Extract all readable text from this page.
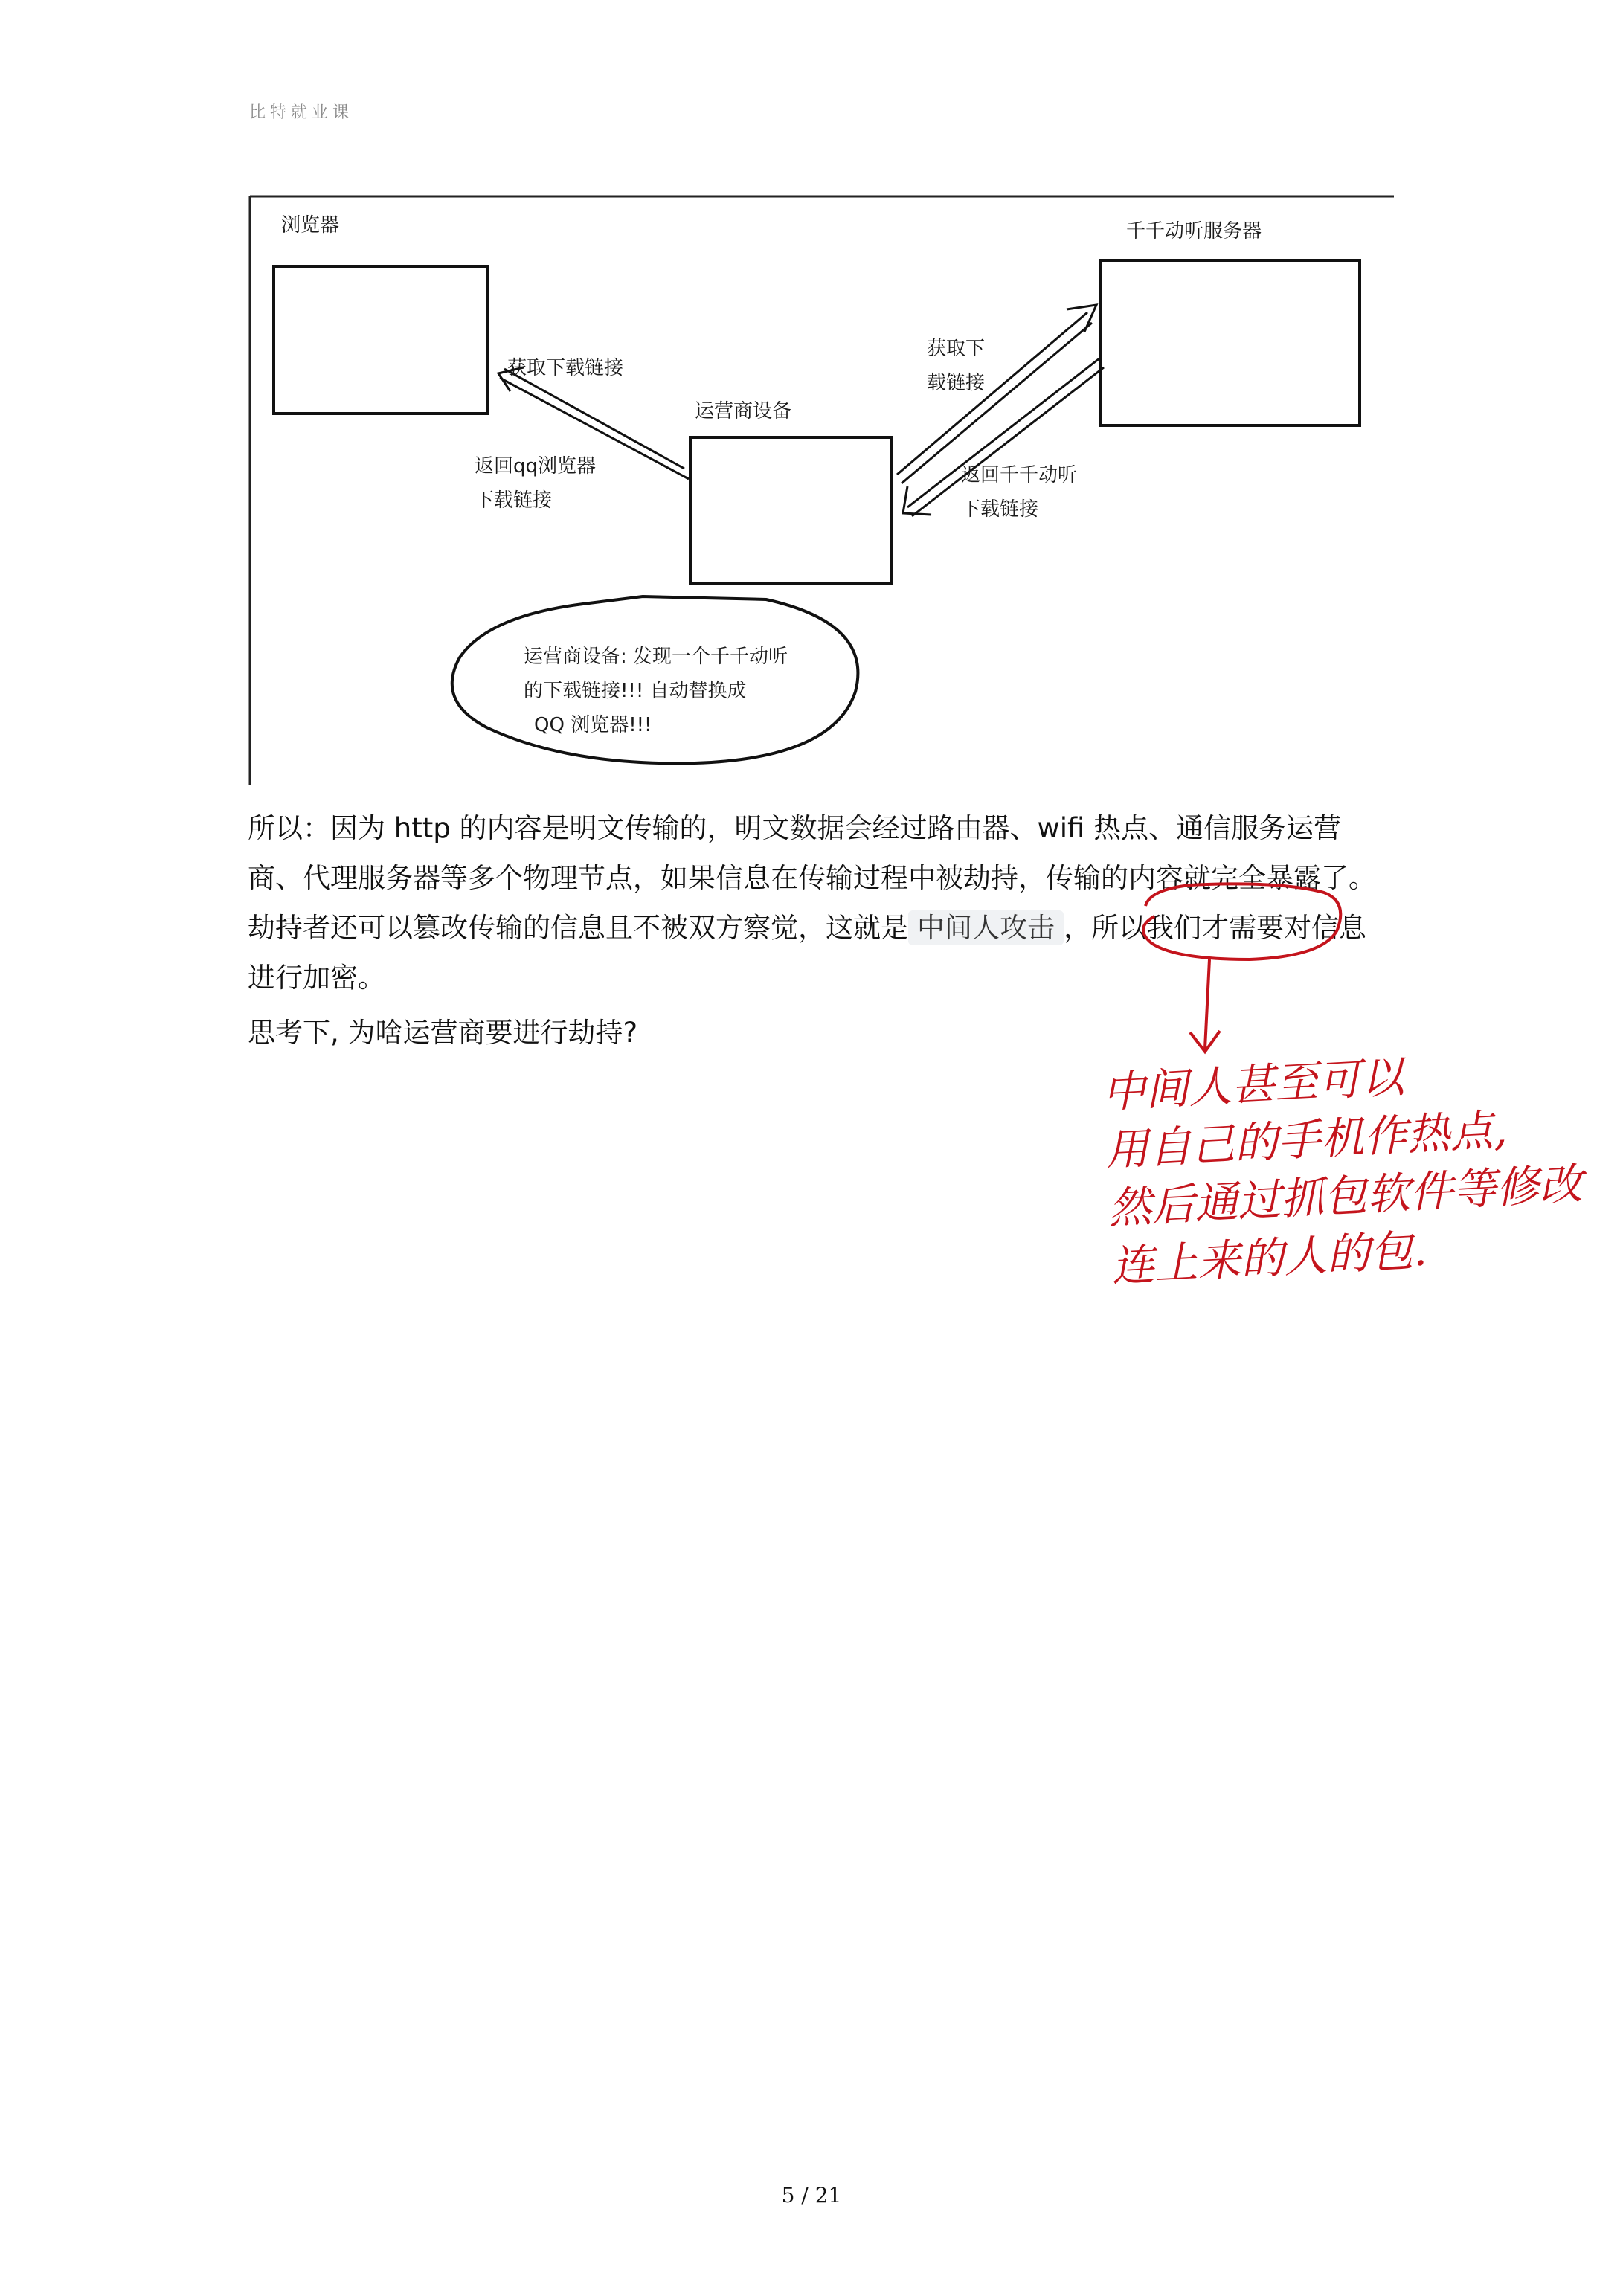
比特就业课
浏览器	千千动听服务器
运营商设备
获取下载链接
返回qq浏览器
下载链接
获取下
载链接
返回千千动听
下载链接
运营商设备: 发现一个千千动听
的下载链接!!! 自动替换成
QQ 浏览器!!!
所以：因为 http 的内容是明文传输的，明文数据会经过路由器、wifi 热点、通信服务运营商、代理服务器等多个物理节点，如果信息在传输过程中被劫持，传输的内容就完全暴露了。劫持者还可以篡改传输的信息且不被双方察觉，这就是 中间人攻击 ，所以我们才需要对信息进行加密。
思考下, 为啥运营商要进行劫持?
中间人甚至可以
用自己的手机作热点,
然后通过抓包软件等修改
连上来的人的包.
5 / 21
